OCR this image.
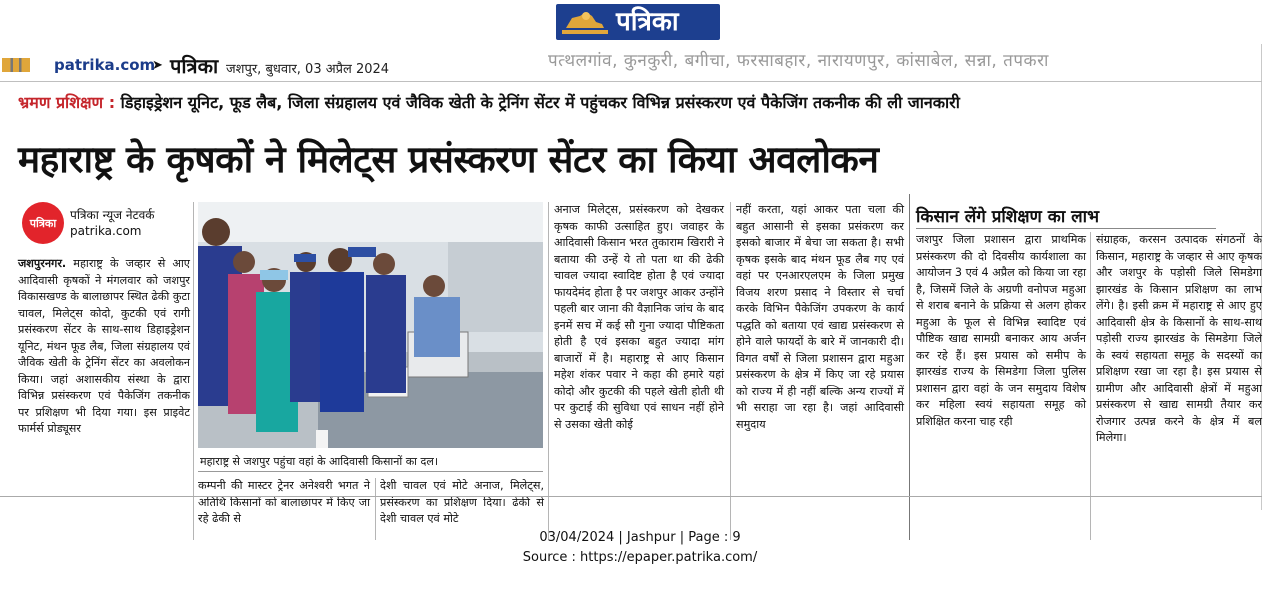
पत्रिका
patrika.com
➤ पत्रिका जशपुर, बुधवार, 03 अप्रैल 2024	पत्थलगांव, कुनकुरी, बगीचा, फरसाबहार, नारायणपुर, कांसाबेल, सन्ना, तपकरा
भ्रमण प्रशिक्षण : डिहाइड्रेशन यूनिट, फूड लैब, जिला संग्रहालय एवं जैविक खेती के ट्रेनिंग सेंटर में पहुंचकर विभिन्न प्रसंस्करण एवं पैकेजिंग तकनीक की ली जानकारी
महाराष्ट्र के कृषकों ने मिलेट्स प्रसंस्करण सेंटर का किया अवलोकन
पत्रिका
पत्रिका न्यूज नेटवर्क
patrika.com

जशपुरनगर. महाराष्ट्र के जव्हार से आए आदिवासी कृषकों ने मंगलवार को जशपुर विकासखण्ड के बालाछापर स्थित ढेकी कुटा चावल, मिलेट्स कोदो, कुटकी एवं रागी प्रसंस्करण सेंटर के साथ-साथ डिहाइड्रेशन यूनिट, मंथन फूड लैब, जिला संग्रहालय एवं जैविक खेती के ट्रेनिंग सेंटर का अवलोकन किया। जहां अशासकीय संस्था के द्वारा विभिन्न प्रसंस्करण एवं पैकेजिंग तकनीक पर प्रशिक्षण भी दिया गया। इस प्राइवेट फार्मर्स प्रोड्यूसर

महाराष्ट्र से जशपुर पहुंचा वहां के आदिवासी किसानों का दल।
कम्पनी की मास्टर ट्रेनर अनेश्वरी भगत ने अतिथि किसानों को बालाछापर में किए जा रहे ढेकी से
देशी चावल एवं मोटे अनाज, मिलेट्स, प्रसंस्करण का प्रशिक्षण दिया। ढेकी से देशी चावल एवं मोटे
अनाज मिलेट्स, प्रसंस्करण को देखकर कृषक काफी उत्साहित हुए। जवाहर के आदिवासी किसान भरत तुकाराम खिरारी ने बताया की उन्हें ये तो पता था की ढेकी चावल ज्यादा स्वादिष्ट होता है एवं ज्यादा फायदेमंद होता है पर जशपुर आकर उन्होंने पहली बार जाना की वैज्ञानिक जांच के बाद इनमें सच में कई सौ गुना ज्यादा पौष्टिकता होती है एवं इसका बहुत ज्यादा मांग बाजारों में है। महाराष्ट्र से आए किसान महेश शंकर पवार ने कहा की हमारे यहां कोदो और कुटकी की पहले खेती होती थी पर कुटाई की सुविधा एवं साधन नहीं होने से उसका खेती कोई
नहीं करता, यहां आकर पता चला की बहुत आसानी से इसका प्रसंकरण कर इसको बाजार में बेचा जा सकता है। सभी कृषक इसके बाद मंथन फूड लैब गए एवं वहां पर एनआरएलएम के जिला प्रमुख विजय शरण प्रसाद ने विस्तार से चर्चा करके विभिन पैकेजिंग उपकरण के कार्य पद्धति को बताया एवं खाद्य प्रसंस्करण से होने वाले फायदों के बारे में जानकारी दी। विगत वर्षों से जिला प्रशासन द्वारा महुआ प्रसंस्करण के क्षेत्र में किए जा रहे प्रयास को राज्य में ही नहीं बल्कि अन्य राज्यों में भी सराहा जा रहा है। जहां आदिवासी समुदाय
किसान लेंगे प्रशिक्षण का लाभ
जशपुर जिला प्रशासन द्वारा प्राथमिक प्रसंस्करण की दो दिवसीय कार्यशाला का आयोजन 3 एवं 4 अप्रैल को किया जा रहा है, जिसमें जिले के अग्रणी वनोपज महुआ से शराब बनाने के प्रक्रिया से अलग होकर महुआ के फूल से विभिन्न स्वादिष्ट एवं पौष्टिक खाद्य सामग्री बनाकर आय अर्जन कर रहे हैं। इस प्रयास को समीप के झारखंड राज्य के सिमडेगा जिला पुलिस प्रशासन द्वारा वहां के जन समुदाय विशेष कर महिला स्वयं सहायता समूह को प्रशिक्षित करना चाह रही
संग्राहक, करसन उत्पादक संगठनों के किसान, महाराष्ट्र के जव्हार से आए कृषक और जशपुर के पड़ोसी जिले सिमडेगा झारखंड के किसान प्रशिक्षण का लाभ लेंगे। है। इसी क्रम में महाराष्ट्र से आए हुए आदिवासी क्षेत्र के किसानों के साथ-साथ पड़ोसी राज्य झारखंड के सिमडेगा जिले के स्वयं सहायता समूह के सदस्यों का प्रशिक्षण रखा जा रहा है। इस प्रयास से ग्रामीण और आदिवासी क्षेत्रों में महुआ प्रसंस्करण से खाद्य सामग्री तैयार कर रोजगार उत्पन्न करने के क्षेत्र में बल मिलेगा।
03/04/2024 | Jashpur | Page : 9
Source : https://epaper.patrika.com/
